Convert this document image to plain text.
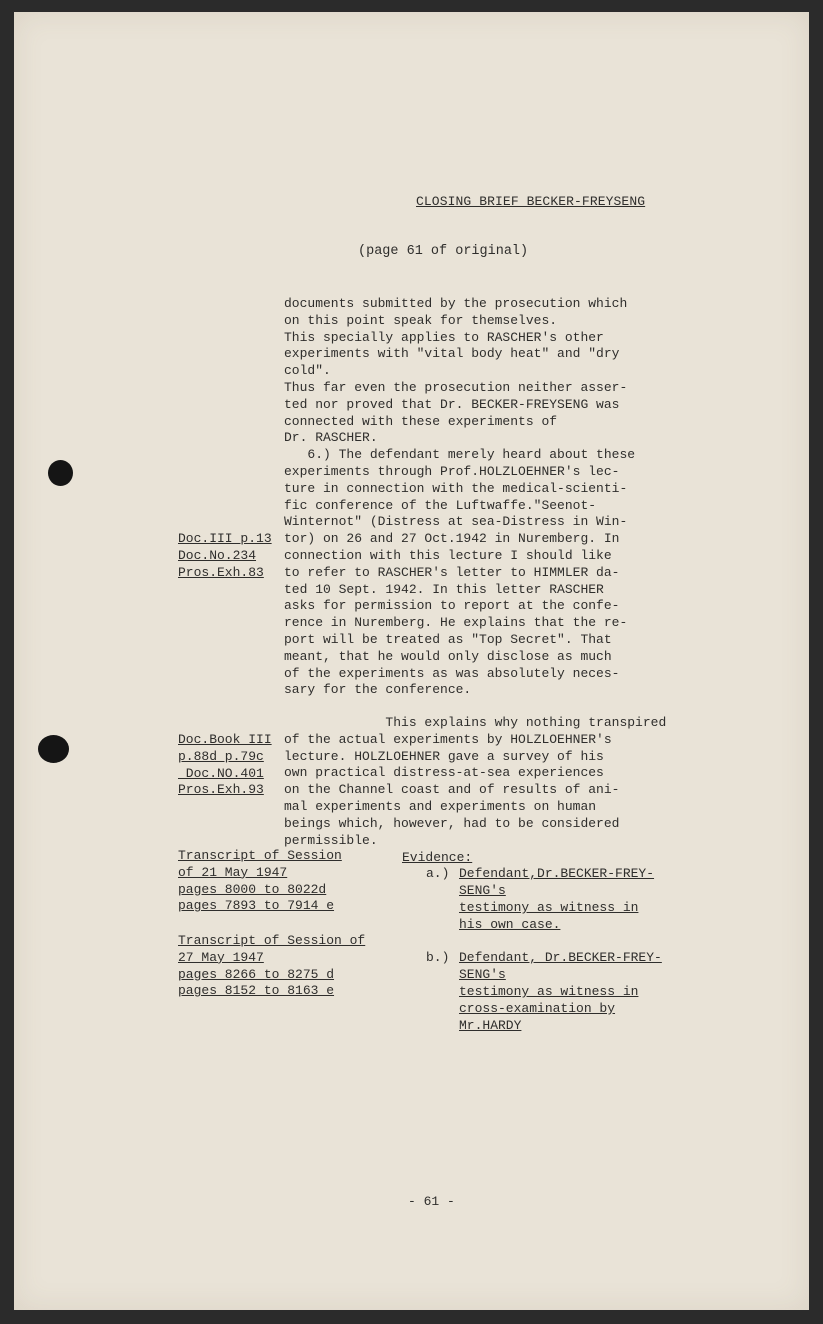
CLOSING BRIEF BECKER-FREYSENG
(page 61 of original)
documents submitted by the prosecution which
on this point speak for themselves.
This specially applies to RASCHER's other
experiments with "vital body heat" and "dry
cold".
Thus far even the prosecution neither asser-
ted nor proved that Dr. BECKER-FREYSENG was
connected with these experiments of
Dr. RASCHER.
6.) The defendant merely heard about these
experiments through Prof.HOLZLOEHNER's lec-
ture in connection with the medical-scienti-
fic conference of the Luftwaffe."Seenot-
Winternot" (Distress at sea-Distress in Win-
tor) on 26 and 27 Oct.1942 in Nuremberg. In
connection with this lecture I should like
to refer to RASCHER's letter to HIMMLER da-
ted 10 Sept. 1942. In this letter RASCHER
asks for permission to report at the confe-
rence in Nuremberg. He explains that the re-
port will be treated as "Top Secret". That
meant, that he would only disclose as much
of the experiments as was absolutely neces-
sary for the conference.
This explains why nothing transpired
of the actual experiments by HOLZLOEHNER's
lecture. HOLZLOEHNER gave a survey of his
own practical distress-at-sea experiences
on the Channel coast and of results of ani-
mal experiments and experiments on human
beings which, however, had to be considered
permissible.
Doc.III p.13
Doc.No.234
Pros.Exh.83
Doc.Book III
p.88d p.79c
Doc.NO.401
Pros.Exh.93
Evidence:
Transcript of Session
of 21 May 1947
pages 8000 to 8022d
pages 7893 to 7914 e
Transcript of Session of
27 May 1947
pages 8266 to 8275 d
pages 8152 to 8163 e
a.) Defendant,Dr.BECKER-FREY-
SENG's
testimony as witness in
his own case.
b.) Defendant, Dr.BECKER-FREY-
SENG's
testimony as witness in
cross-examination by
Mr.HARDY
- 61 -
